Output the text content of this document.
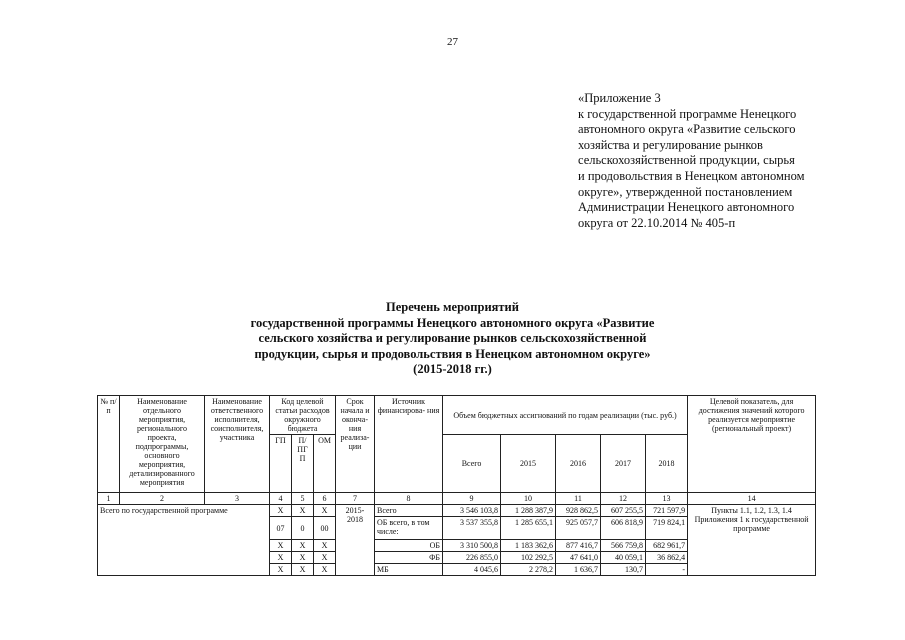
27
«Приложение 3
к государственной программе Ненецкого
автономного округа «Развитие сельского
хозяйства и регулирование рынков
сельскохозяйственной продукции, сырья
и продовольствия в Ненецком автономном
округе», утвержденной постановлением
Администрации Ненецкого автономного
округа от 22.10.2014 № 405-п
Перечень мероприятий
государственной программы Ненецкого автономного округа «Развитие
сельского хозяйства и регулирование рынков сельскохозяйственной
продукции, сырья и продовольствия в Ненецком автономном округе»
(2015-2018 гг.)
№ п/п	Наименование отдельного мероприятия, регионального проекта, подпрограммы, основного мероприятия, детализированного мероприятия	Наименование ответственного исполнителя, соисполнителя, участника	Код целевой статьи расходов окружного бюджета			Срок начала и оконча- ния реализа- ции	Источник финансирова- ния	Объем бюджетных ассигнований по годам реализации (тыс. руб.)					Целевой показатель, для достижения значений которого реализуется мероприятие (региональный проект)
			ГП	П/ ПГ П	ОМ			Всего	2015	2016	2017	2018	
1	2	3	4	5	6	7	8	9	10	11	12	13	14
Всего по государственной программе			X	X	X	2015-2018	Всего	3 546 103,8	1 288 387,9	928 862,5	607 255,5	721 597,9	Пункты 1.1, 1.2, 1.3, 1.4 Приложения 1 к государственной программе
			07	0	00		ОБ всего, в том числе:	3 537 355,8	1 285 655,1	925 057,7	606 818,9	719 824,1	
			X	X	X		ОБ	3 310 500,8	1 183 362,6	877 416,7	566 759,8	682 961,7	
			X	X	X		ФБ	226 855,0	102 292,5	47 641,0	40 059,1	36 862,4	
			X	X	X		МБ	4 045,6	2 278,2	1 636,7	130,7	-	
